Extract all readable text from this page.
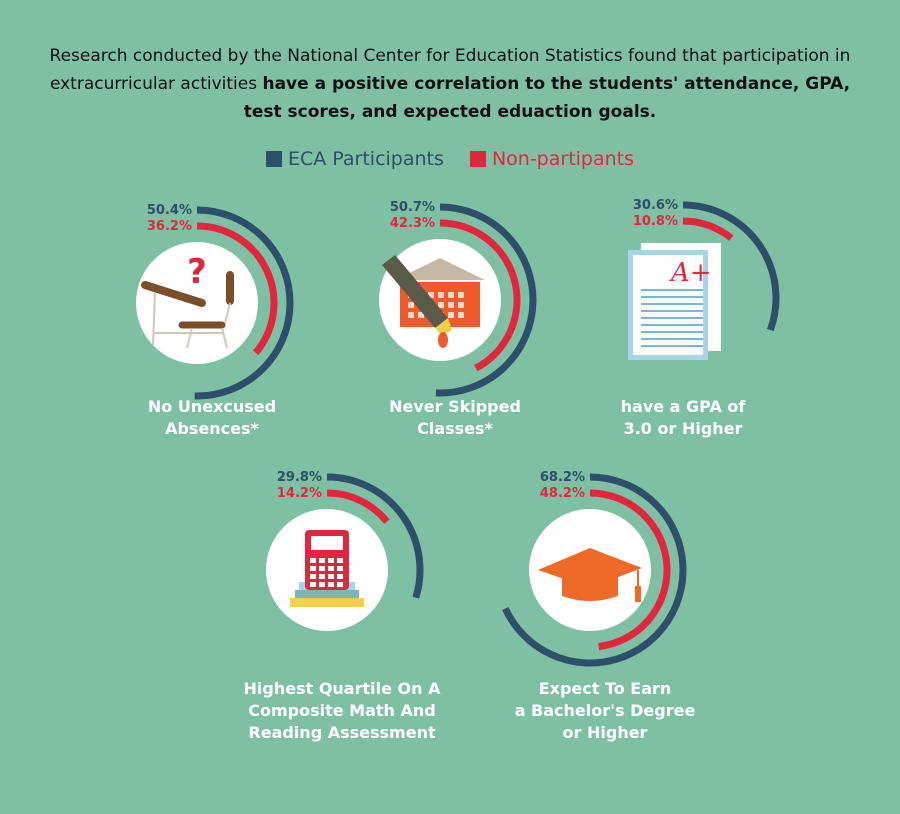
Research conducted by the National Center for Education Statistics found that participation in extracurricular activities have a positive correlation to the students' attendance, GPA, test scores, and expected eduaction goals.
ECA Participants	Non-partipants
?
50.4%
36.2%
No Unexcused
Absences*
50.7%
42.3%
Never Skipped
Classes*
A+
30.6%
10.8%
have a GPA of
3.0 or Higher
29.8%
14.2%
Highest Quartile On A
Composite Math And
Reading Assessment
68.2%
48.2%
Expect To Earn
a Bachelor's Degree
or Higher
